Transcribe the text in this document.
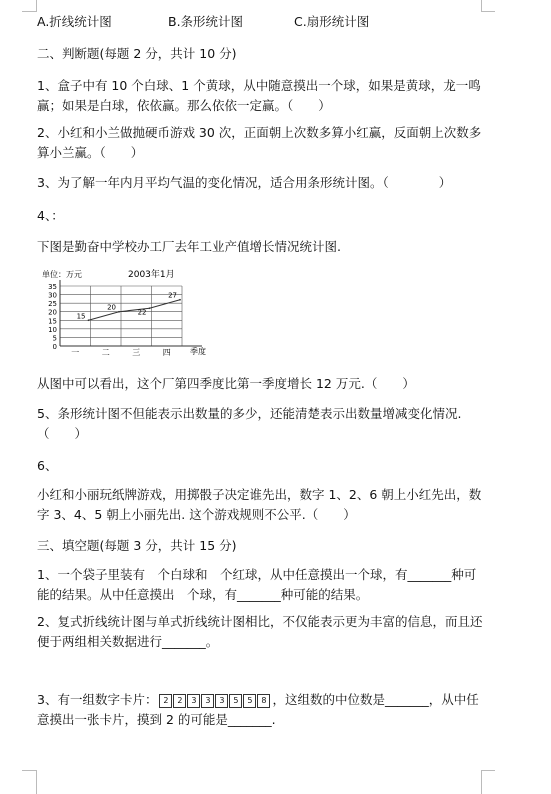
A.折线统计图	B.条形统计图	C.扇形统计图
二、判断题(每题 2 分，共计 10 分)
1、盒子中有 10 个白球、1 个黄球，从中随意摸出一个球，如果是黄球，龙一鸣赢；如果是白球，依依赢。那么依依一定赢。（　　）
2、小红和小兰做抛硬币游戏 30 次，正面朝上次数多算小红赢，反面朝上次数多算小兰赢。（　　）
3、为了解一年内月平均气温的变化情况，适合用条形统计图。（　　　　）
4、：
下图是勤奋中学校办工厂去年工业产值增长情况统计图.
单位：万元	2003年1月
0
5
10
15
20
25
30
35
一	二	三	四
15
20
22
27
季度
从图中可以看出，这个厂第四季度比第一季度增长 12 万元.（　　）
5、条形统计图不但能表示出数量的多少，还能清楚表示出数量增减变化情况.（　　）
6、
小红和小丽玩纸牌游戏，用掷骰子决定谁先出，数字 1、2、6 朝上小红先出，数字 3、4、5 朝上小丽先出. 这个游戏规则不公平.（　　）
三、填空题(每题 3 分，共计 15 分)
1、一个袋子里装有　个白球和　个红球，从中任意摸出一个球，有_______种可能的结果。从中任意摸出　个球，有_______种可能的结果。
2、复式折线统计图与单式折线统计图相比，不仅能表示更为丰富的信息，而且还便于两组相关数据进行_______。
3、有一组数字卡片： 2	2	3	3	3	5	5	8 ，这组数的中位数是_______，从中任意摸出一张卡片，摸到 2 的可能是_______.
